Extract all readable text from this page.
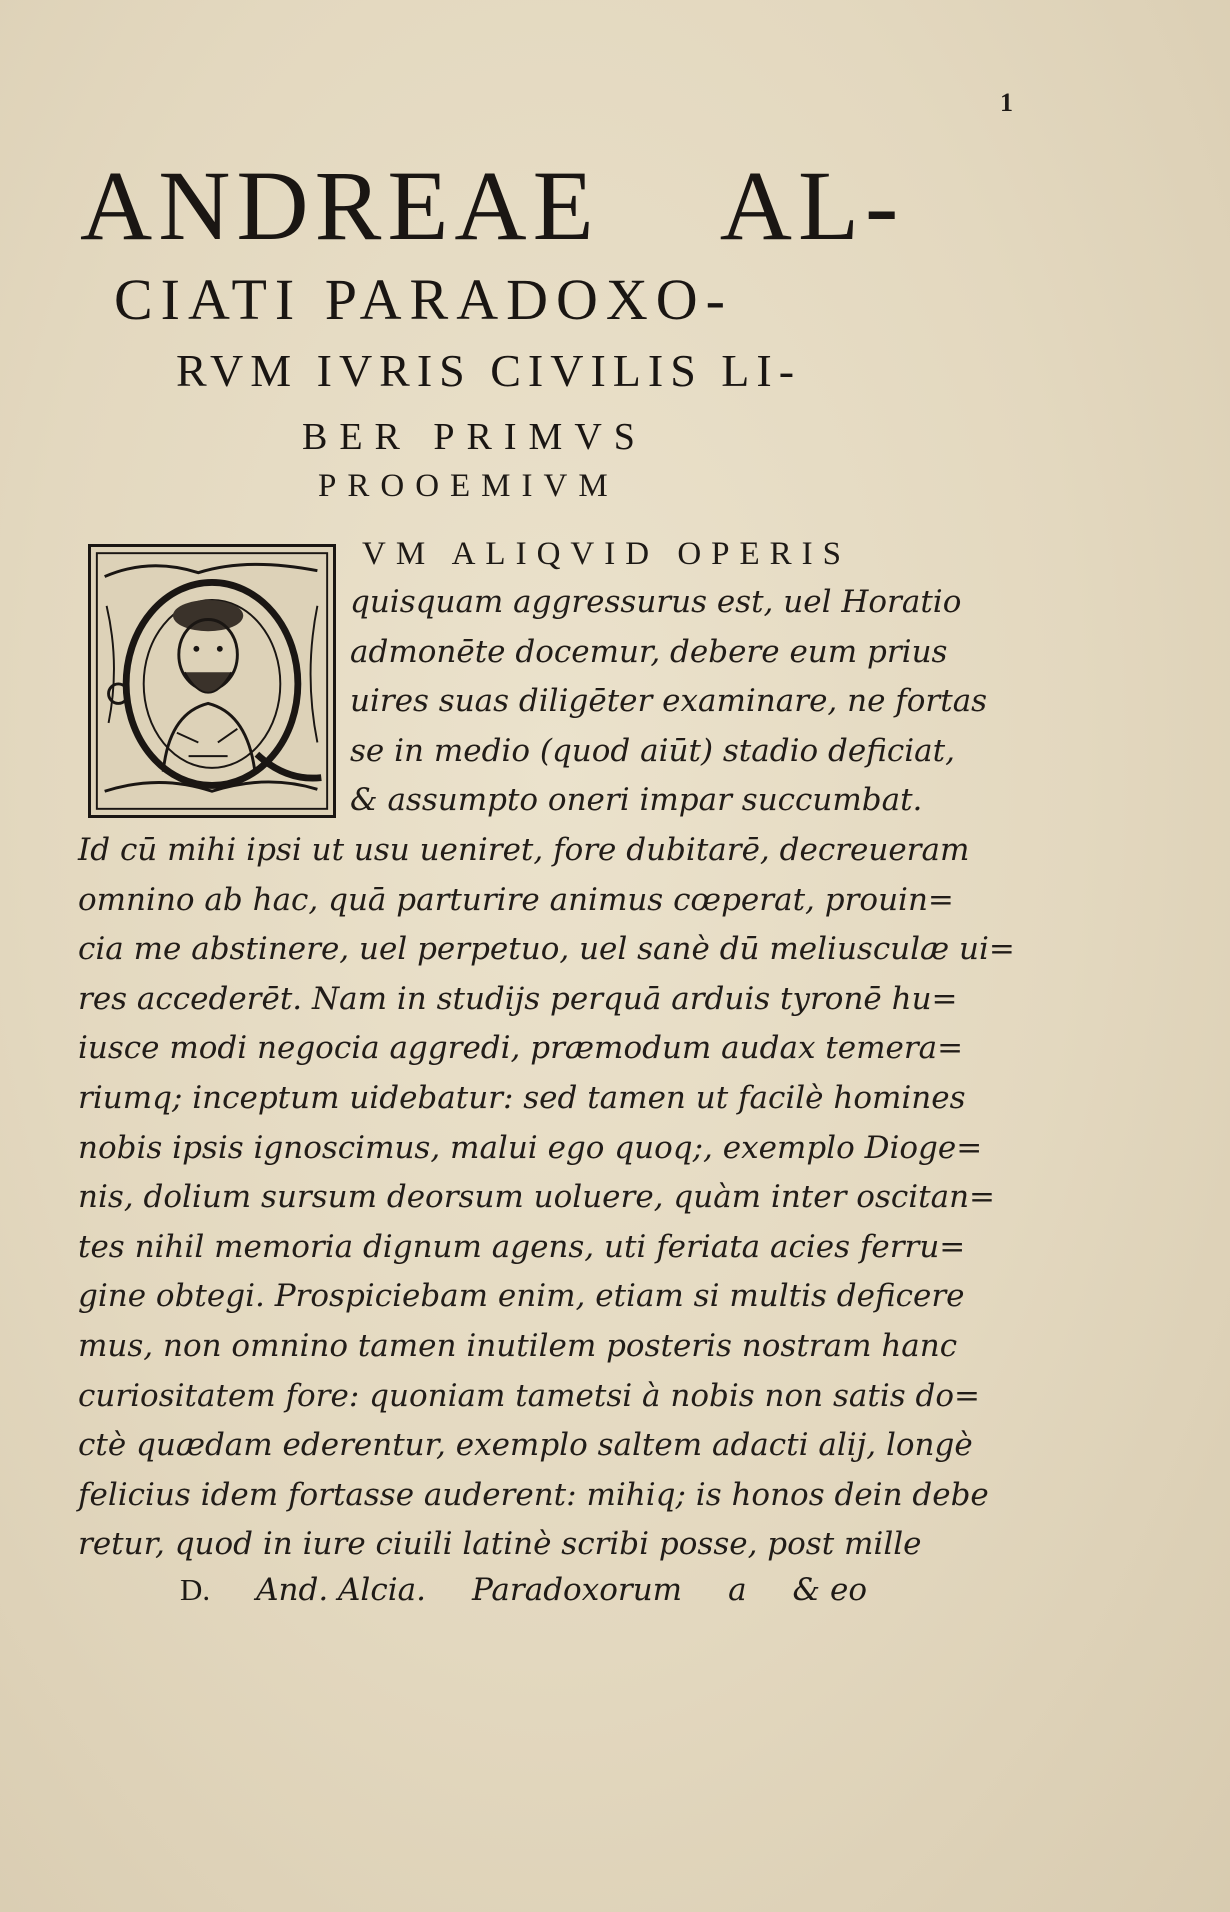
1
ANDREAE AL-
CIATI PARADOXO-
RVM IVRIS CIVILIS LI-
BER PRIMVS
PROOEMIVM
VM ALIQVID OPERIS
quisquam aggressurus est, uel Horatio
admonēte docemur, debere eum prius
uires suas diligēter examinare, ne fortas
se in medio (quod aiūt) stadio deficiat,
& assumpto oneri impar succumbat.
Id cū mihi ipsi ut usu ueniret, fore dubitarē, decreueram
omnino ab hac, quā parturire animus cœperat, prouin=
cia me abstinere, uel perpetuo, uel sanè dū meliusculæ ui=
res accederēt. Nam in studijs perquā arduis tyronē hu=
iusce modi negocia aggredi, præmodum audax temera=
riumq; inceptum uidebatur: sed tamen ut facilè homines
nobis ipsis ignoscimus, malui ego quoq;, exemplo Dioge=
nis, dolium sursum deorsum uoluere, quàm inter oscitan=
tes nihil memoria dignum agens, uti feriata acies ferru=
gine obtegi. Prospiciebam enim, etiam si multis deficere
mus, non omnino tamen inutilem posteris nostram hanc
curiositatem fore: quoniam tametsi à nobis non satis do=
ctè quædam ederentur, exemplo saltem adacti alij, longè
felicius idem fortasse auderent: mihiq; is honos dein debe
retur, quod in iure ciuili latinè scribi posse, post mille
D. And. Alcia. Paradoxorum a & eo
